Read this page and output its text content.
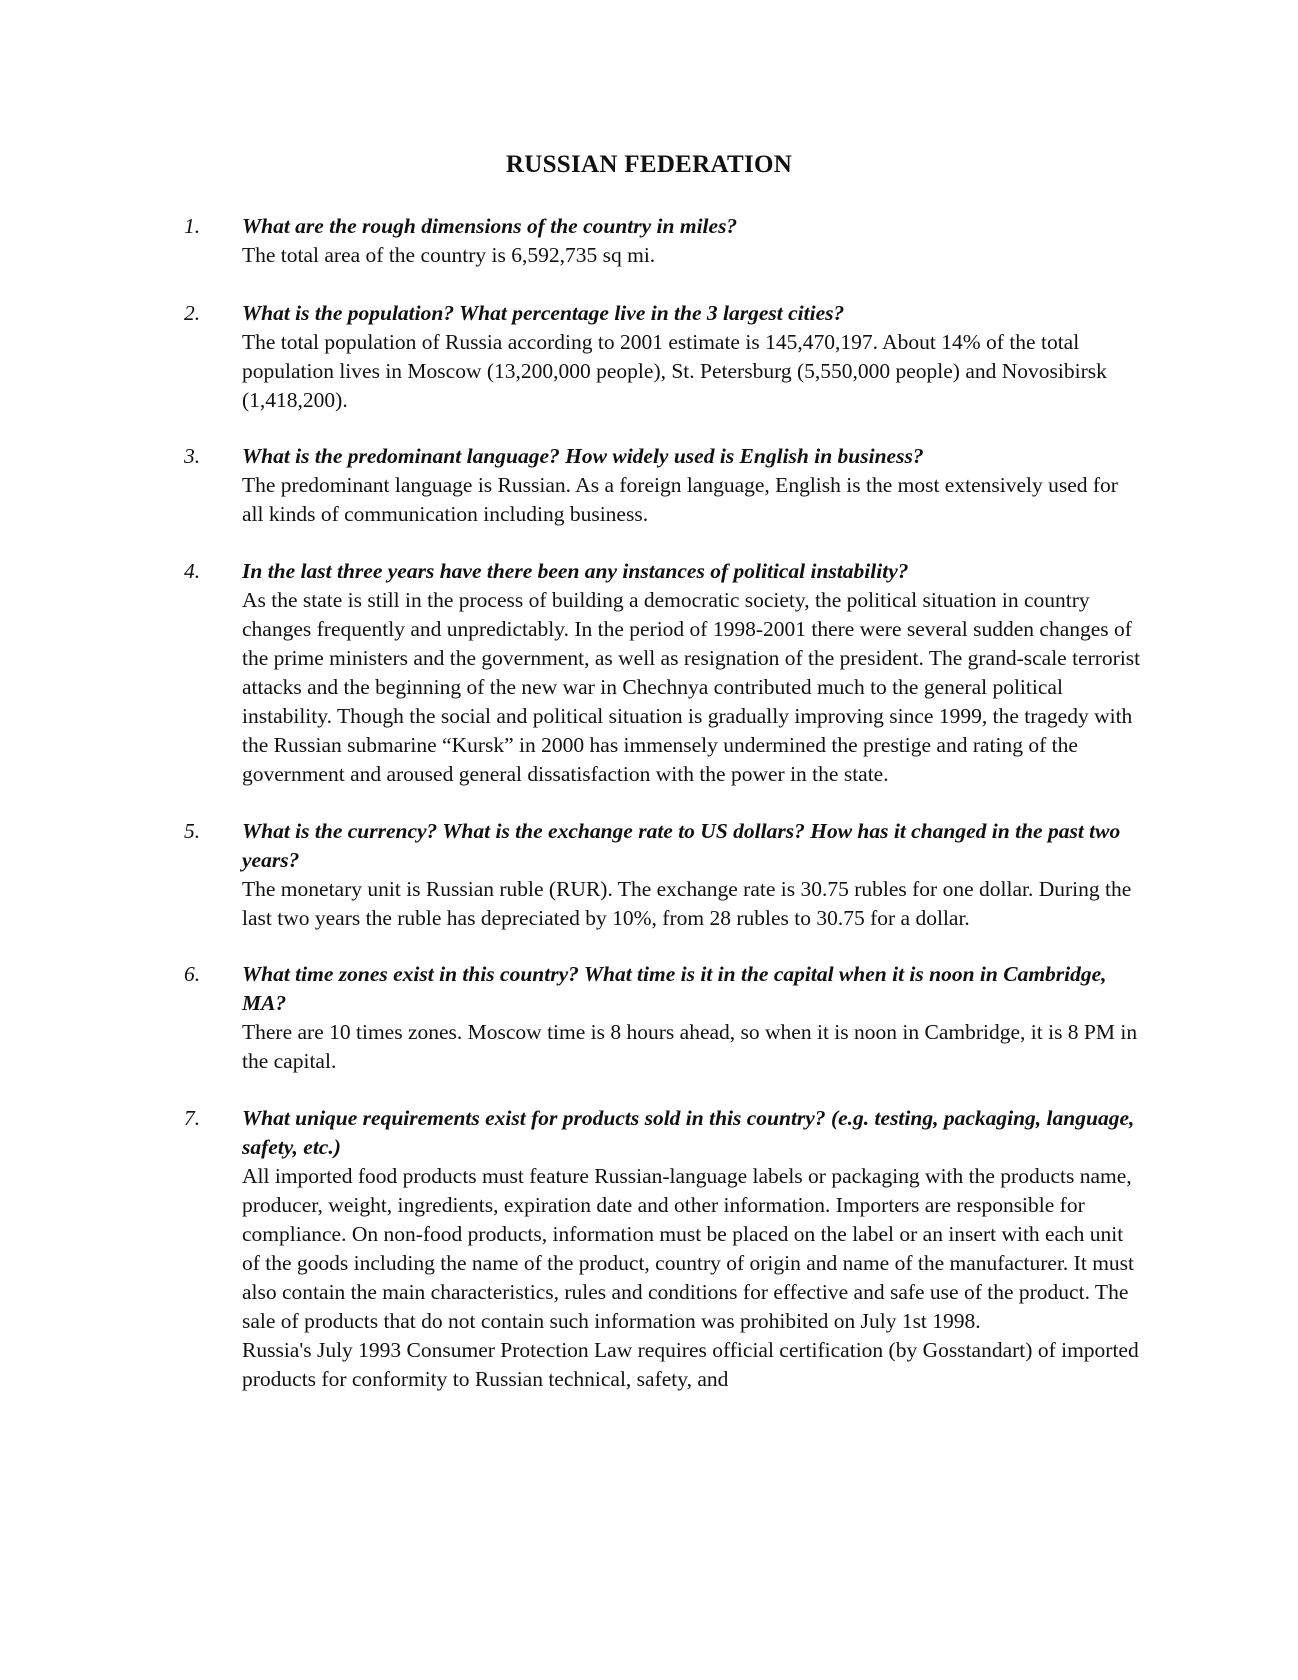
RUSSIAN FEDERATION
1. What are the rough dimensions of the country in miles?

The total area of the country is 6,592,735 sq mi.

2. What is the population? What percentage live in the 3 largest cities?

The total population of Russia according to 2001 estimate is 145,470,197. About 14% of the total population lives in Moscow (13,200,000 people), St. Petersburg (5,550,000 people) and Novosibirsk (1,418,200).

3. What is the predominant language? How widely used is English in business?

The predominant language is Russian. As a foreign language, English is the most extensively used for all kinds of communication including business.

4. In the last three years have there been any instances of political instability?

As the state is still in the process of building a democratic society, the political situation in country changes frequently and unpredictably. In the period of 1998-2001 there were several sudden changes of the prime ministers and the government, as well as resignation of the president. The grand-scale terrorist attacks and the beginning of the new war in Chechnya contributed much to the general political instability. Though the social and political situation is gradually improving since 1999, the tragedy with the Russian submarine “Kursk” in 2000 has immensely undermined the prestige and rating of the government and aroused general dissatisfaction with the power in the state.

5. What is the currency? What is the exchange rate to US dollars? How has it changed in the past two years?

The monetary unit is Russian ruble (RUR). The exchange rate is 30.75 rubles for one dollar. During the last two years the ruble has depreciated by 10%, from 28 rubles to 30.75 for a dollar.

6. What time zones exist in this country? What time is it in the capital when it is noon in Cambridge, MA?

There are 10 times zones. Moscow time is 8 hours ahead, so when it is noon in Cambridge, it is 8 PM in the capital.

7. What unique requirements exist for products sold in this country? (e.g. testing, packaging, language, safety, etc.)

All imported food products must feature Russian-language labels or packaging with the products name, producer, weight, ingredients, expiration date and other information. Importers are responsible for compliance. On non-food products, information must be placed on the label or an insert with each unit of the goods including the name of the product, country of origin and name of the manufacturer. It must also contain the main characteristics, rules and conditions for effective and safe use of the product. The sale of products that do not contain such information was prohibited on July 1st 1998.

Russia's July 1993 Consumer Protection Law requires official certification (by Gosstandart) of imported products for conformity to Russian technical, safety, and
